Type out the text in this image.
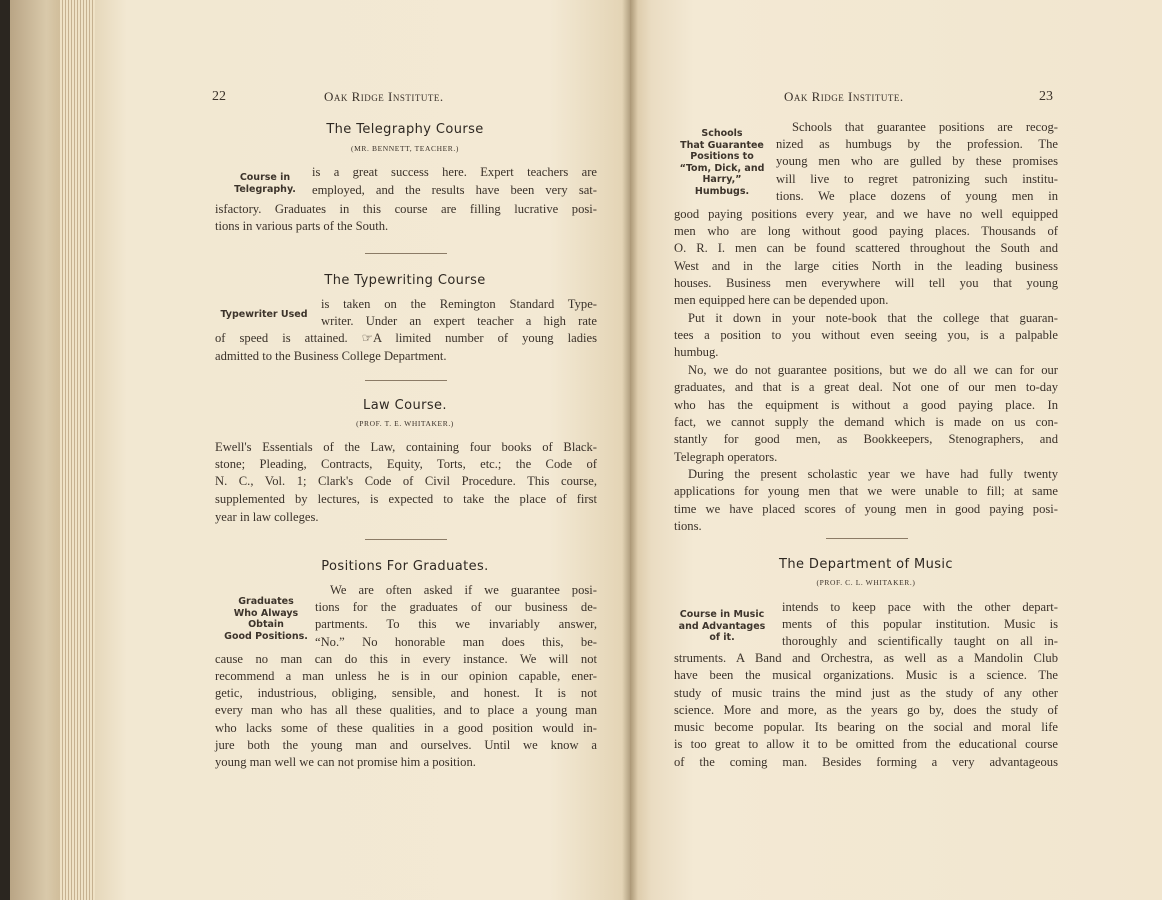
22	Oak Ridge Institute.
The Telegraphy Course
(MR. BENNETT, TEACHER.)
Course in
Telegraphy.
is a great success here. Expert teachers are
employed, and the results have been very sat-
isfactory. Graduates in this course are filling lucrative posi-
tions in various parts of the South.
The Typewriting Course
Typewriter Used
is taken on the Remington Standard Type-
writer. Under an expert teacher a high rate
of speed is attained. ☞A limited number of young ladies
admitted to the Business College Department.
Law Course.
(PROF. T. E. WHITAKER.)
Ewell's Essentials of the Law, containing four books of Black-
stone; Pleading, Contracts, Equity, Torts, etc.; the Code of
N. C., Vol. 1; Clark's Code of Civil Procedure. This course,
supplemented by lectures, is expected to take the place of first
year in law colleges.
Positions For Graduates.
Graduates
Who Always
Obtain
Good Positions.
We are often asked if we guarantee posi-
tions for the graduates of our business de-
partments. To this we invariably answer,
“No.” No honorable man does this, be-
cause no man can do this in every instance. We will not
recommend a man unless he is in our opinion capable, ener-
getic, industrious, obliging, sensible, and honest. It is not
every man who has all these qualities, and to place a young man
who lacks some of these qualities in a good position would in-
jure both the young man and ourselves. Until we know a
young man well we can not promise him a position.
Oak Ridge Institute.	23
Schools
That Guarantee
Positions to
“Tom, Dick, and
Harry,”
Humbugs.
Schools that guarantee positions are recog-
nized as humbugs by the profession. The
young men who are gulled by these promises
will live to regret patronizing such institu-
tions. We place dozens of young men in
good paying positions every year, and we have no well equipped
men who are long without good paying places. Thousands of
O. R. I. men can be found scattered throughout the South and
West and in the large cities North in the leading business
houses. Business men everywhere will tell you that young
men equipped here can be depended upon.
Put it down in your note-book that the college that guaran-
tees a position to you without even seeing you, is a palpable
humbug.
No, we do not guarantee positions, but we do all we can for our
graduates, and that is a great deal. Not one of our men to-day
who has the equipment is without a good paying place. In
fact, we cannot supply the demand which is made on us con-
stantly for good men, as Bookkeepers, Stenographers, and
Telegraph operators.
During the present scholastic year we have had fully twenty
applications for young men that we were unable to fill; at same
time we have placed scores of young men in good paying posi-
tions.
The Department of Music
(PROF. C. L. WHITAKER.)
Course in Music
and Advantages
of it.
intends to keep pace with the other depart-
ments of this popular institution. Music is
thoroughly and scientifically taught on all in-
struments. A Band and Orchestra, as well as a Mandolin Club
have been the musical organizations. Music is a science. The
study of music trains the mind just as the study of any other
science. More and more, as the years go by, does the study of
music become popular. Its bearing on the social and moral life
is too great to allow it to be omitted from the educational course
of the coming man. Besides forming a very advantageous
